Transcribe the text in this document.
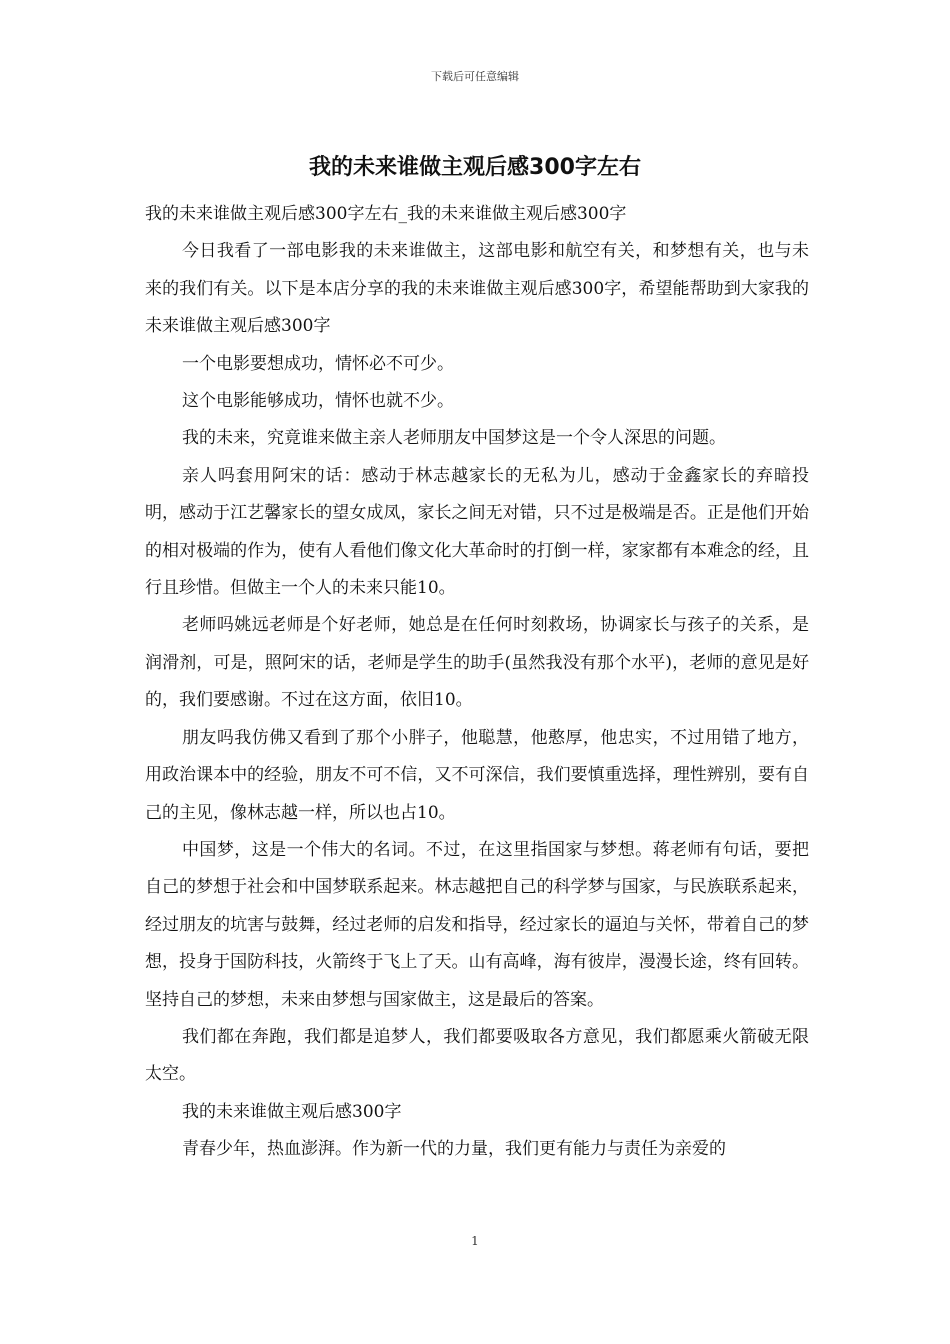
下载后可任意编辑
我的未来谁做主观后感300字左右

我的未来谁做主观后感300字左右_我的未来谁做主观后感300字

今日我看了一部电影我的未来谁做主，这部电影和航空有关，和梦想有关，也与未来的我们有关。以下是本店分享的我的未来谁做主观后感300字，希望能帮助到大家我的未来谁做主观后感300字

一个电影要想成功，情怀必不可少。

这个电影能够成功，情怀也就不少。

我的未来，究竟谁来做主亲人老师朋友中国梦这是一个令人深思的问题。

亲人吗套用阿宋的话：感动于林志越家长的无私为儿，感动于金鑫家长的弃暗投明，感动于江艺馨家长的望女成凤，家长之间无对错，只不过是极端是否。正是他们开始的相对极端的作为，使有人看他们像文化大革命时的打倒一样，家家都有本难念的经，且行且珍惜。但做主一个人的未来只能10。

老师吗姚远老师是个好老师，她总是在任何时刻救场，协调家长与孩子的关系，是润滑剂，可是，照阿宋的话，老师是学生的助手(虽然我没有那个水平)，老师的意见是好的，我们要感谢。不过在这方面，依旧10。

朋友吗我仿佛又看到了那个小胖子，他聪慧，他憨厚，他忠实，不过用错了地方，用政治课本中的经验，朋友不可不信，又不可深信，我们要慎重选择，理性辨别，要有自己的主见，像林志越一样，所以也占10。

中国梦，这是一个伟大的名词。不过，在这里指国家与梦想。蒋老师有句话，要把自己的梦想于社会和中国梦联系起来。林志越把自己的科学梦与国家，与民族联系起来，经过朋友的坑害与鼓舞，经过老师的启发和指导，经过家长的逼迫与关怀，带着自己的梦想，投身于国防科技，火箭终于飞上了天。山有高峰，海有彼岸，漫漫长途，终有回转。坚持自己的梦想，未来由梦想与国家做主，这是最后的答案。

我们都在奔跑，我们都是追梦人，我们都要吸取各方意见，我们都愿乘火箭破无限太空。

我的未来谁做主观后感300字

青春少年，热血澎湃。作为新一代的力量，我们更有能力与责任为亲爱的

1
